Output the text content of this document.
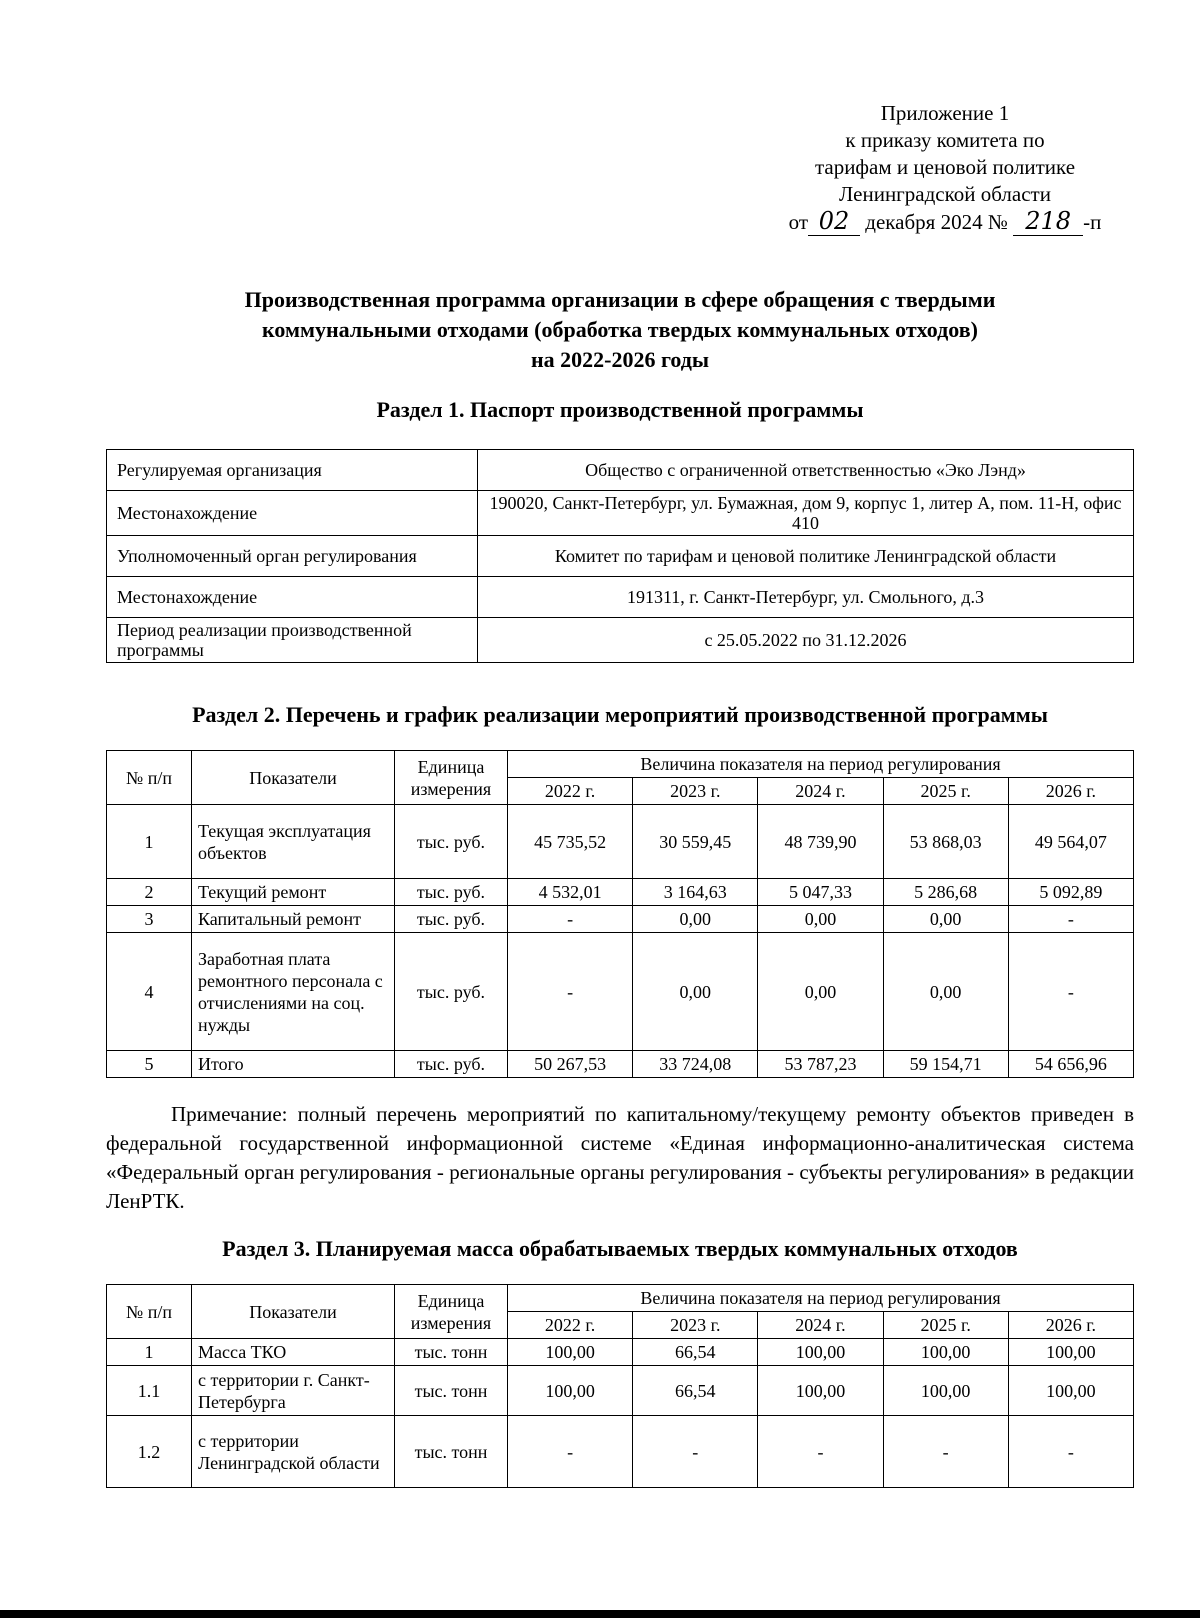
Приложение 1
к приказу комитета по
тарифам и ценовой политике
Ленинградской области
от 02 декабря 2024 № 218 -п
Производственная программа организации в сфере обращения с твердыми
коммунальными отходами (обработка твердых коммунальных отходов)
на 2022-2026 годы
Раздел 1. Паспорт производственной программы
Регулируемая организация	Общество с ограниченной ответственностью «Эко Лэнд»
Местонахождение	190020, Санкт-Петербург, ул. Бумажная, дом 9, корпус 1, литер А, пом. 11-Н, офис 410
Уполномоченный орган регулирования	Комитет по тарифам и ценовой политике Ленинградской области
Местонахождение	191311, г. Санкт-Петербург, ул. Смольного, д.3
Период реализации производственной программы	с 25.05.2022 по 31.12.2026
Раздел 2. Перечень и график реализации мероприятий производственной программы
№ п/п	Показатели	Единица измерения	Величина показателя на период регулирования				
			2022 г.	2023 г.	2024 г.	2025 г.	2026 г.
1	Текущая эксплуатация объектов	тыс. руб.	45 735,52	30 559,45	48 739,90	53 868,03	49 564,07
2	Текущий ремонт	тыс. руб.	4 532,01	3 164,63	5 047,33	5 286,68	5 092,89
3	Капитальный ремонт	тыс. руб.	-	0,00	0,00	0,00	-
4	Заработная плата ремонтного персонала с отчислениями на соц. нужды	тыс. руб.	-	0,00	0,00	0,00	-
5	Итого	тыс. руб.	50 267,53	33 724,08	53 787,23	59 154,71	54 656,96
Примечание: полный перечень мероприятий по капитальному/текущему ремонту объектов приведен в федеральной государственной информационной системе «Единая информационно-аналитическая система «Федеральный орган регулирования - региональные органы регулирования - субъекты регулирования» в редакции ЛенРТК.
Раздел 3. Планируемая масса обрабатываемых твердых коммунальных отходов
№ п/п	Показатели	Единица измерения	Величина показателя на период регулирования				
			2022 г.	2023 г.	2024 г.	2025 г.	2026 г.
1	Масса ТКО	тыс. тонн	100,00	66,54	100,00	100,00	100,00
1.1	с территории г. Санкт-Петербурга	тыс. тонн	100,00	66,54	100,00	100,00	100,00
1.2	с территории Ленинградской области	тыс. тонн	-	-	-	-	-
